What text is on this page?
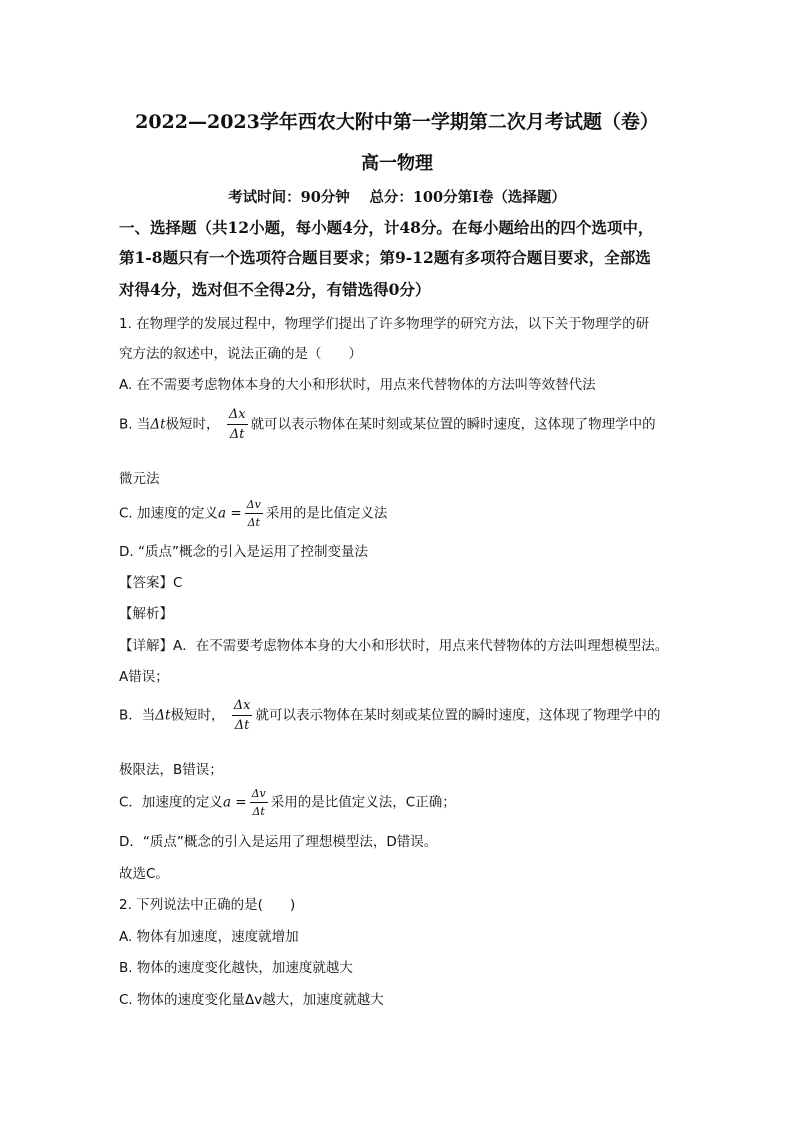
2022—2023学年西农大附中第一学期第二次月考试题（卷）
高一物理
考试时间：90分钟　 总分：100分第I卷（选择题）
一、选择题（共12小题，每小题4分，计48分。在每小题给出的四个选项中，
第1-8题只有一个选项符合题目要求；第9-12题有多项符合题目要求，全部选
对得4分，选对但不全得2分，有错选得0分）
1. 在物理学的发展过程中，物理学们提出了许多物理学的研究方法，以下关于物理学的研
究方法的叙述中，说法正确的是（　　）
A. 在不需要考虑物体本身的大小和形状时，用点来代替物体的方法叫等效替代法
B. 当Δt极短时， $\frac{\Delta x}{\Delta t}$ 就可以表示物体在某时刻或某位置的瞬时速度，这体现了物理学中的
微元法
C. 加速度的定义$a = \frac{\Delta v}{\Delta t}$ 采用的是比值定义法
D. “质点”概念的引入是运用了控制变量法
【答案】C
【解析】
【详解】A．在不需要考虑物体本身的大小和形状时，用点来代替物体的方法叫理想模型法。
A错误；
B．当Δt极短时， $\frac{\Delta x}{\Delta t}$ 就可以表示物体在某时刻或某位置的瞬时速度，这体现了物理学中的
极限法，B错误；
C．加速度的定义$a = \frac{\Delta v}{\Delta t}$ 采用的是比值定义法，C正确；
D．“质点”概念的引入是运用了理想模型法，D错误。
故选C。
2. 下列说法中正确的是(　　)
A. 物体有加速度，速度就增加
B. 物体的速度变化越快，加速度就越大
C. 物体的速度变化量Δv越大，加速度就越大
